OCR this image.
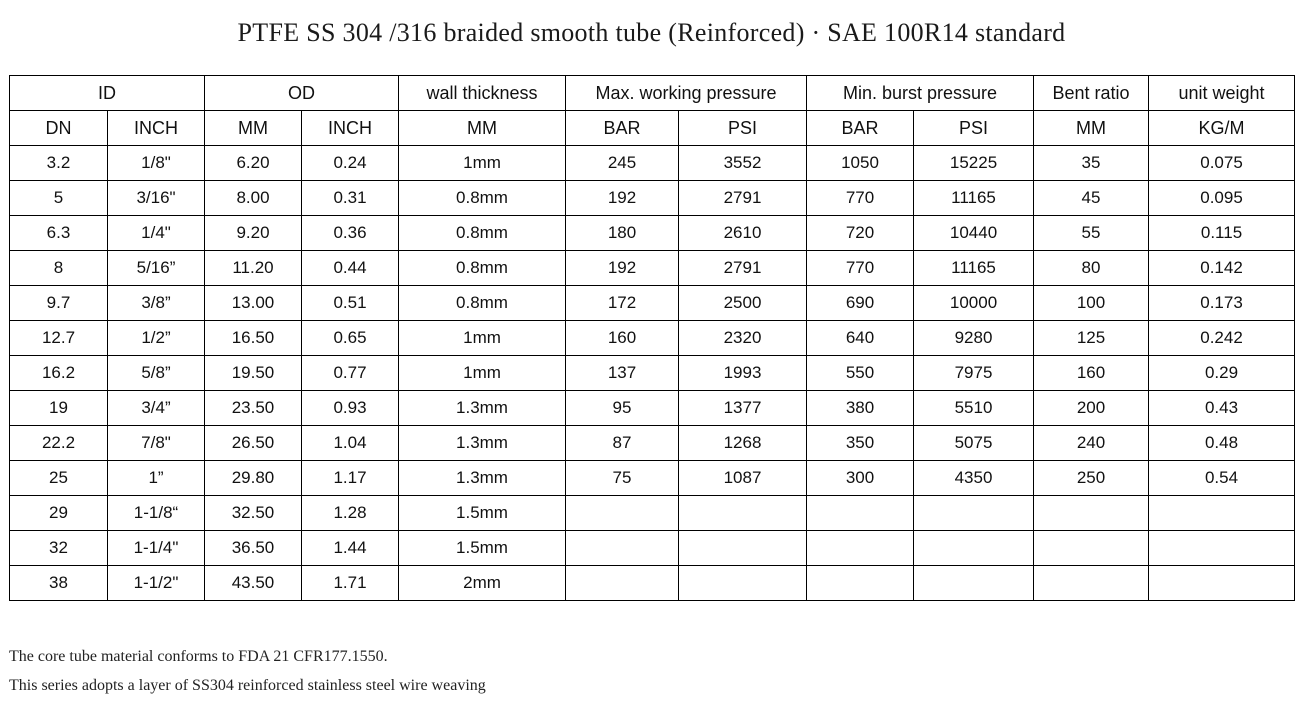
PTFE SS 304 /316 braided smooth tube (Reinforced) · SAE 100R14 standard
ID		OD		wall thickness	Max. working pressure		Min. burst pressure		Bent ratio	unit weight
DN	INCH	MM	INCH	MM	BAR	PSI	BAR	PSI	MM	KG/M
3.2	1/8"	6.20	0.24	1mm	245	3552	1050	15225	35	0.075
5	3/16"	8.00	0.31	0.8mm	192	2791	770	11165	45	0.095
6.3	1/4"	9.20	0.36	0.8mm	180	2610	720	10440	55	0.115
8	5/16”	11.20	0.44	0.8mm	192	2791	770	11165	80	0.142
9.7	3/8”	13.00	0.51	0.8mm	172	2500	690	10000	100	0.173
12.7	1/2”	16.50	0.65	1mm	160	2320	640	9280	125	0.242
16.2	5/8”	19.50	0.77	1mm	137	1993	550	7975	160	0.29
19	3/4”	23.50	0.93	1.3mm	95	1377	380	5510	200	0.43
22.2	7/8"	26.50	1.04	1.3mm	87	1268	350	5075	240	0.48
25	1”	29.80	1.17	1.3mm	75	1087	300	4350	250	0.54
29	1-1/8“	32.50	1.28	1.5mm						
32	1-1/4"	36.50	1.44	1.5mm						
38	1-1/2"	43.50	1.71	2mm						
The core tube material conforms to FDA 21 CFR177.1550.
This series adopts a layer of SS304 reinforced stainless steel wire weaving
